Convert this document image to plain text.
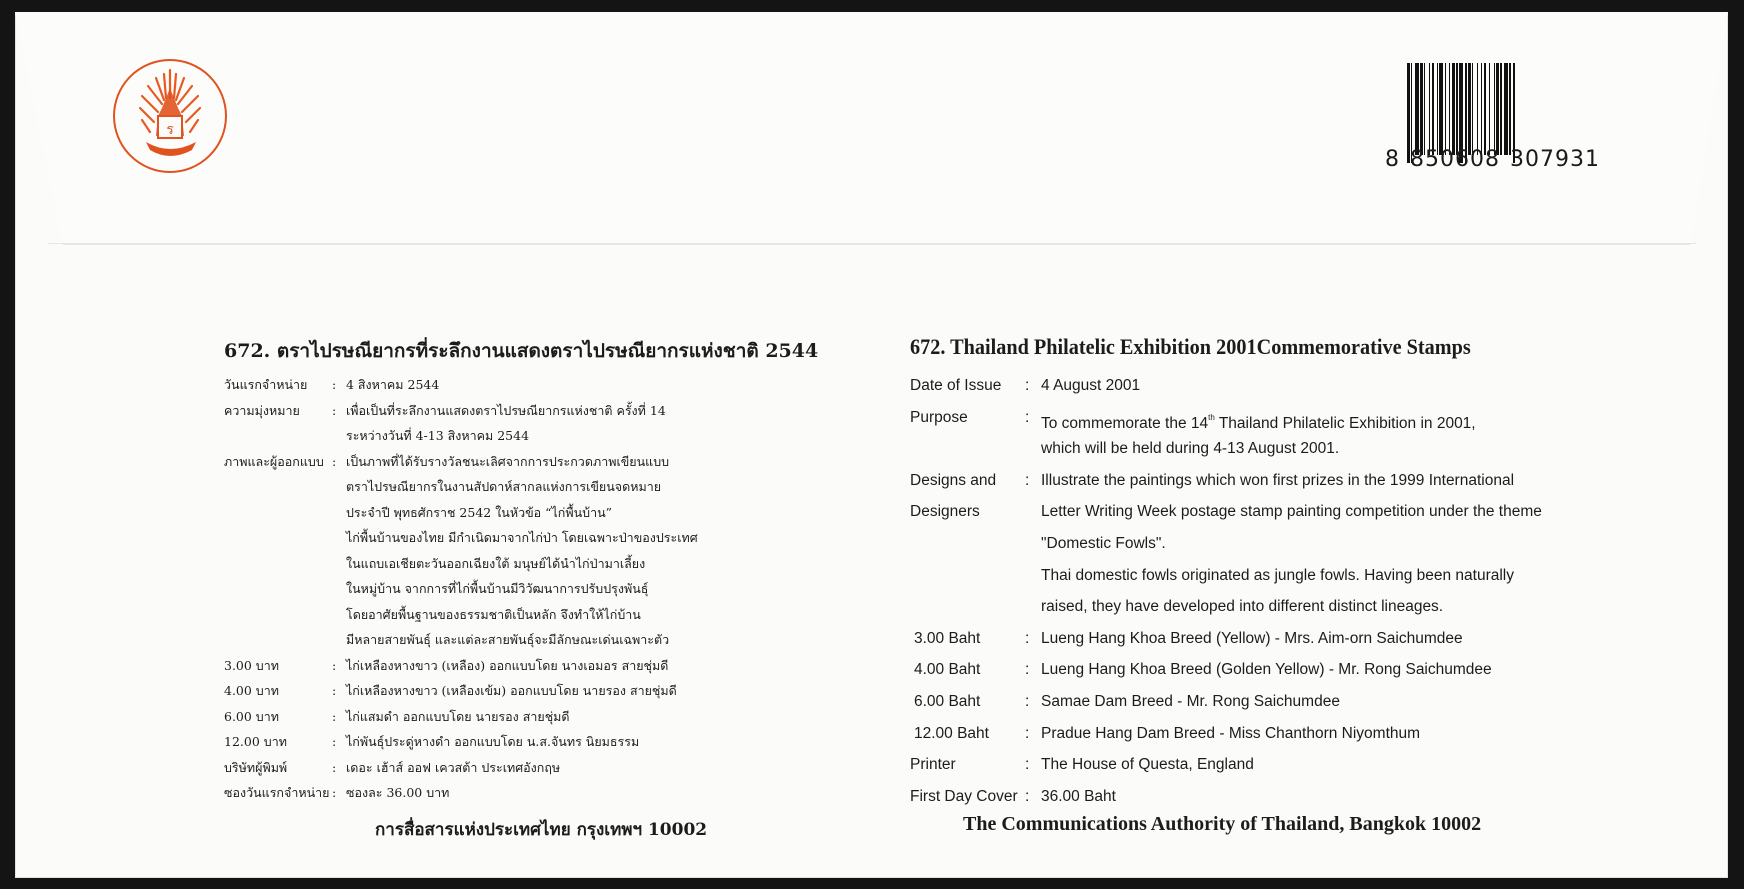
ร
8 850608 307931
672. ตราไปรษณียากรที่ระลึกงานแสดงตราไปรษณียากรแห่งชาติ 2544
วันแรกจำหน่าย	: 4 สิงหาคม 2544
ความมุ่งหมาย	: เพื่อเป็นที่ระลึกงานแสดงตราไปรษณียากรแห่งชาติ ครั้งที่ 14
ระหว่างวันที่ 4-13 สิงหาคม 2544
ภาพและผู้ออกแบบ : เป็นภาพที่ได้รับรางวัลชนะเลิศจากการประกวดภาพเขียนแบบ
ตราไปรษณียากรในงานสัปดาห์สากลแห่งการเขียนจดหมาย
ประจำปี พุทธศักราช 2542 ในหัวข้อ “ไก่พื้นบ้าน”
ไก่พื้นบ้านของไทย มีกำเนิดมาจากไก่ป่า โดยเฉพาะป่าของประเทศ
ในแถบเอเชียตะวันออกเฉียงใต้ มนุษย์ได้นำไก่ป่ามาเลี้ยง
ในหมู่บ้าน จากการที่ไก่พื้นบ้านมีวิวัฒนาการปรับปรุงพันธุ์
โดยอาศัยพื้นฐานของธรรมชาติเป็นหลัก จึงทำให้ไก่บ้าน
มีหลายสายพันธุ์ และแต่ละสายพันธุ์จะมีลักษณะเด่นเฉพาะตัว
3.00 บาท	: ไก่เหลืองหางขาว (เหลือง) ออกแบบโดย นางเอมอร สายชุ่มดี
4.00 บาท	: ไก่เหลืองหางขาว (เหลืองเข้ม) ออกแบบโดย นายรอง สายชุ่มดี
6.00 บาท	: ไก่แสมดำ ออกแบบโดย นายรอง สายชุ่มดี
12.00 บาท	: ไก่พันธุ์ประดู่หางดำ ออกแบบโดย น.ส.จันทร นิยมธรรม
บริษัทผู้พิมพ์	: เดอะ เฮ้าส์ ออฟ เควสต้า ประเทศอังกฤษ
ซองวันแรกจำหน่าย : ซองละ 36.00 บาท
การสื่อสารแห่งประเทศไทย กรุงเทพฯ 10002
672. Thailand Philatelic Exhibition 2001Commemorative Stamps
Date of Issue	: 4 August 2001
Purpose	: To commemorate the 14th Thailand Philatelic Exhibition in 2001,
which will be held during 4-13 August 2001.
Designs and	: Illustrate the paintings which won first prizes in the 1999 International
Designers	Letter Writing Week postage stamp painting competition under the theme
"Domestic Fowls".
Thai domestic fowls originated as jungle fowls. Having been naturally
raised, they have developed into different distinct lineages.
3.00 Baht	: Lueng Hang Khoa Breed (Yellow) - Mrs. Aim-orn Saichumdee
4.00 Baht	: Lueng Hang Khoa Breed (Golden Yellow) - Mr. Rong Saichumdee
6.00 Baht	: Samae Dam Breed - Mr. Rong Saichumdee
12.00 Baht	: Pradue Hang Dam Breed - Miss Chanthorn Niyomthum
Printer	: The House of Questa, England
First Day Cover : 36.00 Baht
The Communications Authority of Thailand, Bangkok 10002
